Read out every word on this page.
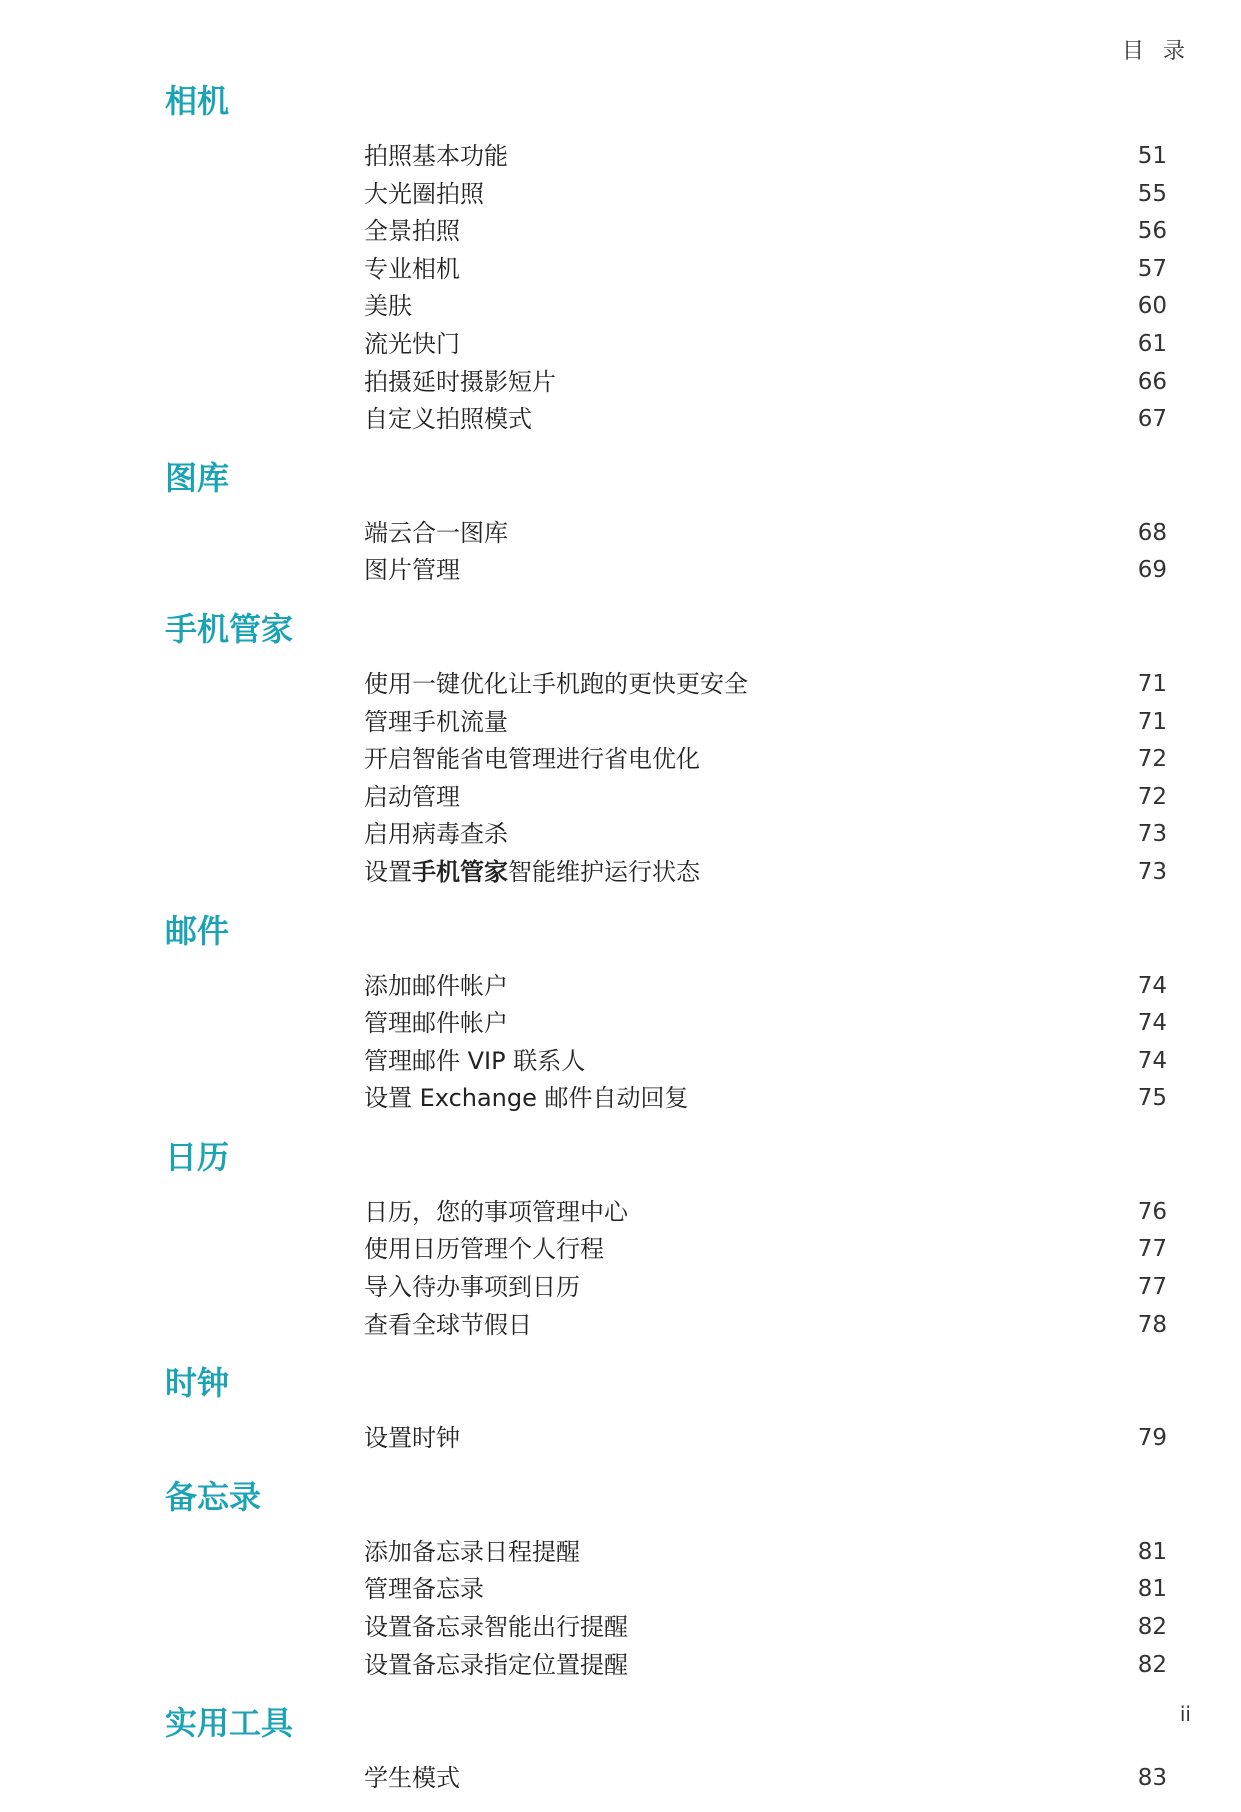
目 录
相机
拍照基本功能	51
大光圈拍照	55
全景拍照	56
专业相机	57
美肤	60
流光快门	61
拍摄延时摄影短片	66
自定义拍照模式	67
图库
端云合一图库	68
图片管理	69
手机管家
使用一键优化让手机跑的更快更安全	71
管理手机流量	71
开启智能省电管理进行省电优化	72
启动管理	72
启用病毒查杀	73
设置手机管家智能维护运行状态	73
邮件
添加邮件帐户	74
管理邮件帐户	74
管理邮件 VIP 联系人	74
设置 Exchange 邮件自动回复	75
日历
日历，您的事项管理中心	76
使用日历管理个人行程	77
导入待办事项到日历	77
查看全球节假日	78
时钟
设置时钟	79
备忘录
添加备忘录日程提醒	81
管理备忘录	81
设置备忘录智能出行提醒	82
设置备忘录指定位置提醒	82
实用工具
学生模式	83
ii
